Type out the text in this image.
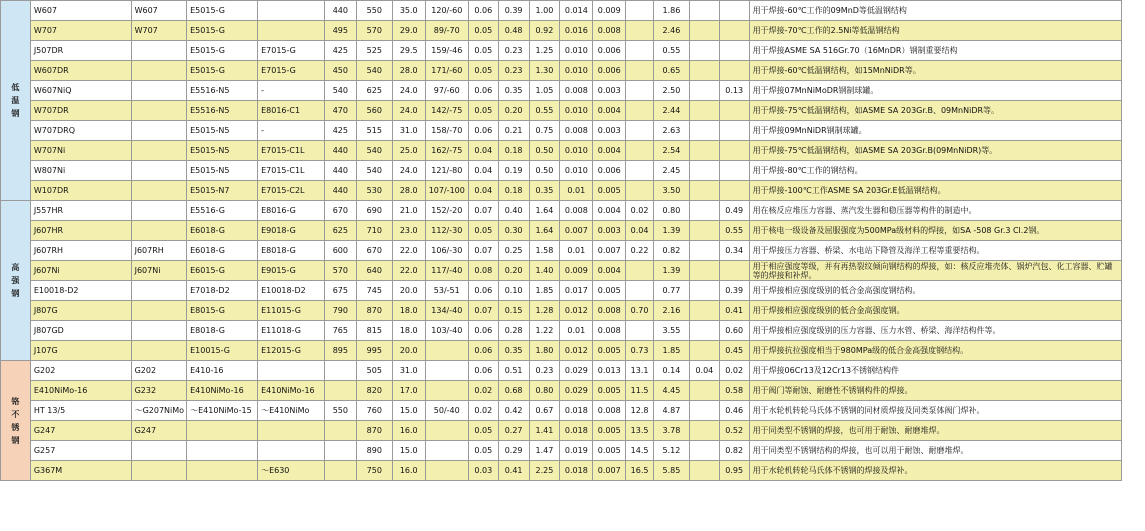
低温钢	W607	W607	E5015-G		440	550	35.0	120/-60	0.06	0.39	1.00	0.014	0.009		1.86			用于焊接-60℃工作的09MnD等低温钢结构
	W707	W707	E5015-G		495	570	29.0	89/-70	0.05	0.48	0.92	0.016	0.008		2.46			用于焊接-70℃工作的2.5Ni等低温钢结构
	J507DR		E5015-G	E7015-G	425	525	29.5	159/-46	0.05	0.23	1.25	0.010	0.006		0.55			用于焊接ASME SA 516Gr.70（16MnDR）钢制重要结构
	W607DR		E5015-G	E7015-G	450	540	28.0	171/-60	0.05	0.23	1.30	0.010	0.006		0.65			用于焊接-60℃低温钢结构，如15MnNiDR等。
	W607NiQ		E5516-N5	-	540	625	24.0	97/-60	0.06	0.35	1.05	0.008	0.003		2.50		0.13	用于焊接07MnNiMoDR钢制球罐。
	W707DR		E5516-N5	E8016-C1	470	560	24.0	142/-75	0.05	0.20	0.55	0.010	0.004		2.44			用于焊接-75℃低温钢结构，如ASME SA 203Gr.B、09MnNiDR等。
	W707DRQ		E5015-N5	-	425	515	31.0	158/-70	0.06	0.21	0.75	0.008	0.003		2.63			用于焊接09MnNiDR钢制球罐。
	W707Ni		E5015-N5	E7015-C1L	440	540	25.0	162/-75	0.04	0.18	0.50	0.010	0.004		2.54			用于焊接-75℃低温钢结构，如ASME SA 203Gr.B(09MnNiDR)等。
	W807Ni		E5015-N5	E7015-C1L	440	540	24.0	121/-80	0.04	0.19	0.50	0.010	0.006		2.45			用于焊接-80℃工作的钢结构。
	W107DR		E5015-N7	E7015-C2L	440	530	28.0	107/-100	0.04	0.18	0.35	0.01	0.005		3.50			用于焊接-100℃工作ASME SA 203Gr.E低温钢结构。
高强钢	J557HR		E5516-G	E8016-G	670	690	21.0	152/-20	0.07	0.40	1.64	0.008	0.004	0.02	0.80		0.49	用在核反应堆压力容器、蒸汽发生器和稳压器等构件的制造中。
	J607HR		E6018-G	E9018-G	625	710	23.0	112/-30	0.05	0.30	1.64	0.007	0.003	0.04	1.39		0.55	用于核电一级设备及屈服强度为500MPa级材料的焊接，如SA -508 Gr.3 Cl.2钢。
	J607RH	J607RH	E6018-G	E8018-G	600	670	22.0	106/-30	0.07	0.25	1.58	0.01	0.007	0.22	0.82		0.34	用于焊接压力容器、桥梁、水电站下降管及海洋工程等重要结构。
	J607Ni	J607Ni	E6015-G	E9015-G	570	640	22.0	117/-40	0.08	0.20	1.40	0.009	0.004		1.39			用于相应强度等级，并有再热裂纹倾向钢结构的焊接，如：核反应堆壳体、锅炉汽包、化工容器、贮罐等的焊接和补焊。
	E10018-D2		E7018-D2	E10018-D2	675	745	20.0	53/-51	0.06	0.10	1.85	0.017	0.005		0.77		0.39	用于焊接相应强度级别的低合金高强度钢结构。
	J807G		E8015-G	E11015-G	790	870	18.0	134/-40	0.07	0.15	1.28	0.012	0.008	0.70	2.16		0.41	用于焊接相应强度级别的低合金高强度钢。
	J807GD		E8018-G	E11018-G	765	815	18.0	103/-40	0.06	0.28	1.22	0.01	0.008		3.55		0.60	用于焊接相应强度级别的压力容器、压力水管、桥梁、海洋结构件等。
	J107G		E10015-G	E12015-G	895	995	20.0		0.06	0.35	1.80	0.012	0.005	0.73	1.85		0.45	用于焊接抗拉强度相当于980MPa级的低合金高强度钢结构。
铬不锈钢	G202	G202	E410-16			505	31.0		0.06	0.51	0.23	0.029	0.013	13.1	0.14	0.04	0.02	用于焊接06Cr13及12Cr13不锈钢结构件
	E410NiMo-16	G232	E410NiMo-16	E410NiMo-16		820	17.0		0.02	0.68	0.80	0.029	0.005	11.5	4.45		0.58	用于阀门等耐蚀、耐磨性不锈钢构件的焊接。
	HT 13/5	～G207NiMo	～E410NiMo-15	～E410NiMo	550	760	15.0	50/-40	0.02	0.42	0.67	0.018	0.008	12.8	4.87		0.46	用于水轮机转轮马氏体不锈钢的同材质焊接及同类泵体阀门焊补。
	G247	G247				870	16.0		0.05	0.27	1.41	0.018	0.005	13.5	3.78		0.52	用于同类型不锈钢的焊接，也可用于耐蚀、耐磨堆焊。
	G257					890	15.0		0.05	0.29	1.47	0.019	0.005	14.5	5.12		0.82	用于同类型不锈钢结构的焊接，也可以用于耐蚀、耐磨堆焊。
	G367M			～E630		750	16.0		0.03	0.41	2.25	0.018	0.007	16.5	5.85		0.95	用于水轮机转轮马氏体不锈钢的焊接及焊补。
